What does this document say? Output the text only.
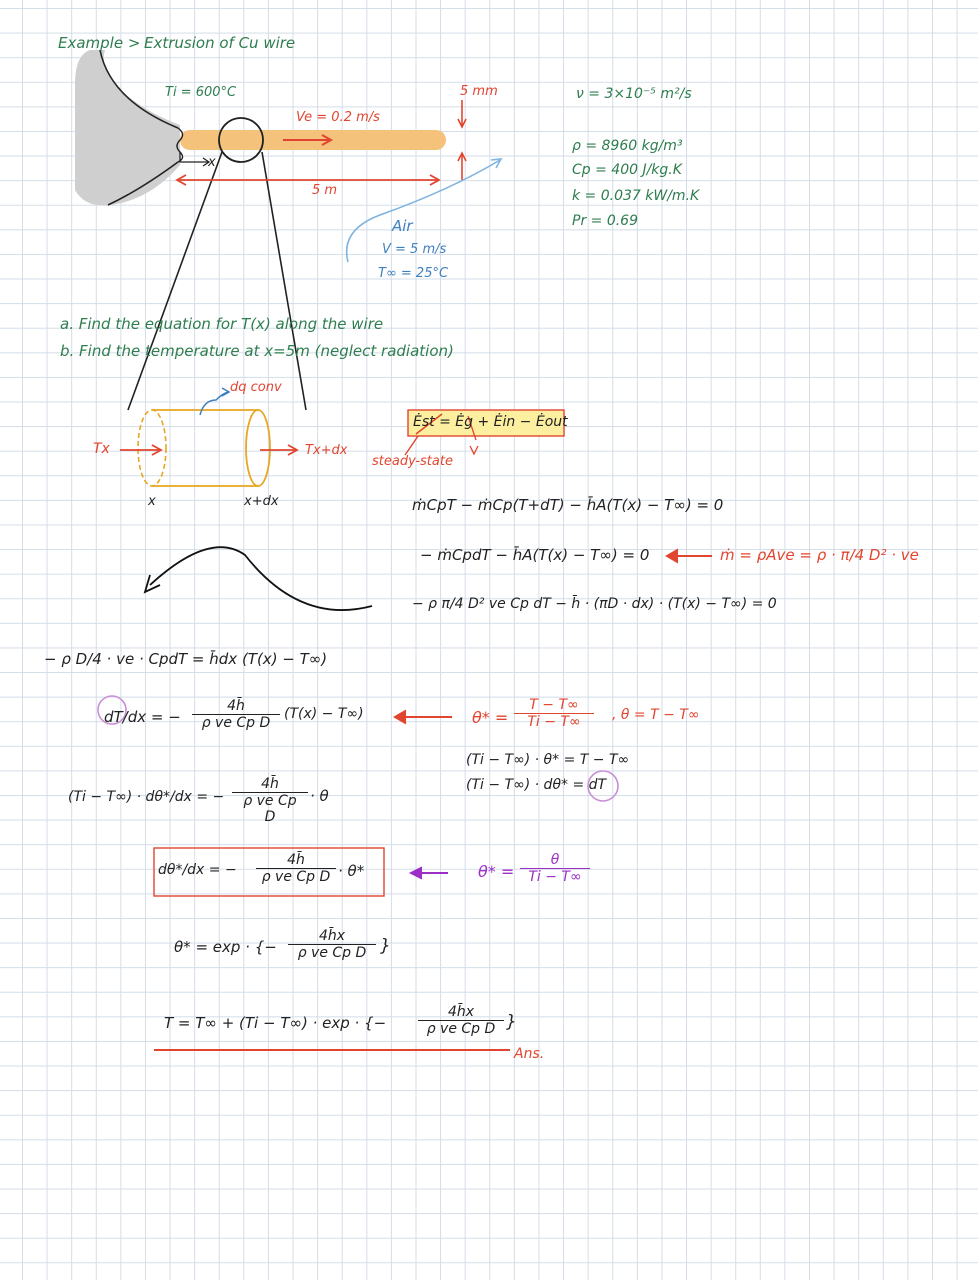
Example > Extrusion of Cu wire
Ti = 600°C
Ve = 0.2 m/s
5 mm
5 m
x
Air
V = 5 m/s
T∞ = 25°C
ν = 3×10⁻⁵ m²/s
ρ = 8960 kg/m³
Cp = 400 J/kg.K
k = 0.037 kW/m.K
Pr = 0.69
a. Find the equation for T(x) along the wire
b. Find the temperature at x=5m (neglect radiation)
dq conv
Tx	Tx+dx
x	x+dx
Ėst = Ėg + Ėin − Ėout
steady-state
ṁCpT − ṁCp(T+dT) − h̄A(T(x) − T∞) = 0
− ṁCpdT − h̄A(T(x) − T∞) = 0	ṁ = ρAve = ρ · π/4 D² · ve
− ρ π/4 D² ve Cp dT − h̄ · (πD · dx) · (T(x) − T∞) = 0
− ρ D/4 · ve · CpdT = h̄dx (T(x) − T∞)
dT/dx = − $\frac{4h̄}{\text{ρ ve Cp D}} (T(x) - T\infty)$	$\theta* = \frac{T - T\infty}{Ti - T\infty}$ , θ = T − T∞
(Ti − T∞) · θ* = T − T∞
(Ti − T∞) · dθ* = dT
(Ti − T∞) · dθ*/dx = − $\frac{4h̄}{\text{ρ ve Cp D}} \cdot \theta$
dθ*/dx = − $\frac{4h̄}{\text{ρ ve Cp D}} \cdot \theta*$	$\theta* = \frac{\theta}{Ti - T\infty}$
θ* = exp · {− $\frac{4h̄x}{\text{ρ ve Cp D}}$ }
T = T∞ + (Ti − T∞) · exp · {− $\frac{4h̄x}{\text{ρ ve Cp D}}$ }
Ans.
